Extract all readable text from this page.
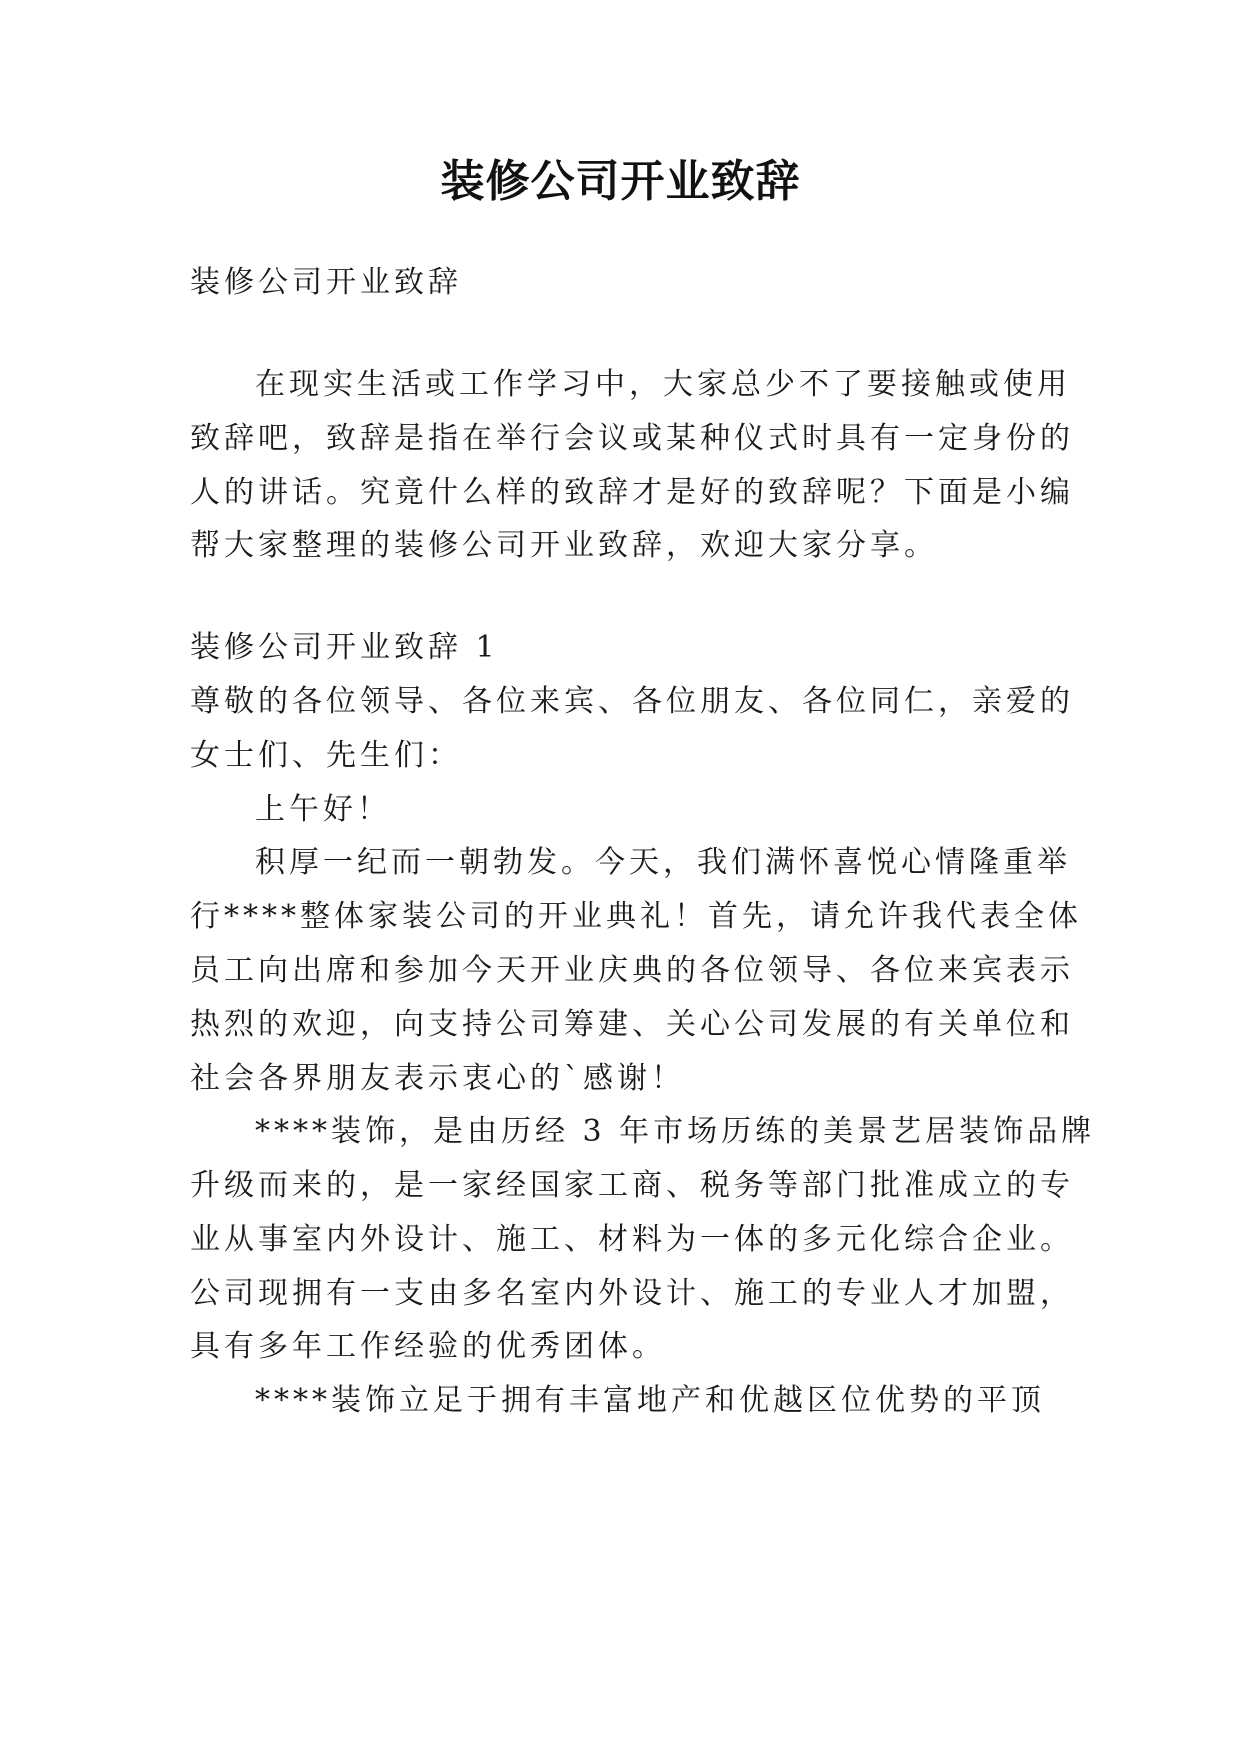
装修公司开业致辞
装修公司开业致辞
在现实生活或工作学习中，大家总少不了要接触或使用
致辞吧，致辞是指在举行会议或某种仪式时具有一定身份的
人的讲话。究竟什么样的致辞才是好的致辞呢？下面是小编
帮大家整理的装修公司开业致辞，欢迎大家分享。
装修公司开业致辞 1
尊敬的各位领导、各位来宾、各位朋友、各位同仁，亲爱的
女士们、先生们：
上午好！
积厚一纪而一朝勃发。今天，我们满怀喜悦心情隆重举
行****整体家装公司的开业典礼！首先，请允许我代表全体
员工向出席和参加今天开业庆典的各位领导、各位来宾表示
热烈的欢迎，向支持公司筹建、关心公司发展的有关单位和
社会各界朋友表示衷心的`感谢！
****装饰，是由历经 3 年市场历练的美景艺居装饰品牌
升级而来的，是一家经国家工商、税务等部门批准成立的专
业从事室内外设计、施工、材料为一体的多元化综合企业。
公司现拥有一支由多名室内外设计、施工的专业人才加盟，
具有多年工作经验的优秀团体。
****装饰立足于拥有丰富地产和优越区位优势的平顶
